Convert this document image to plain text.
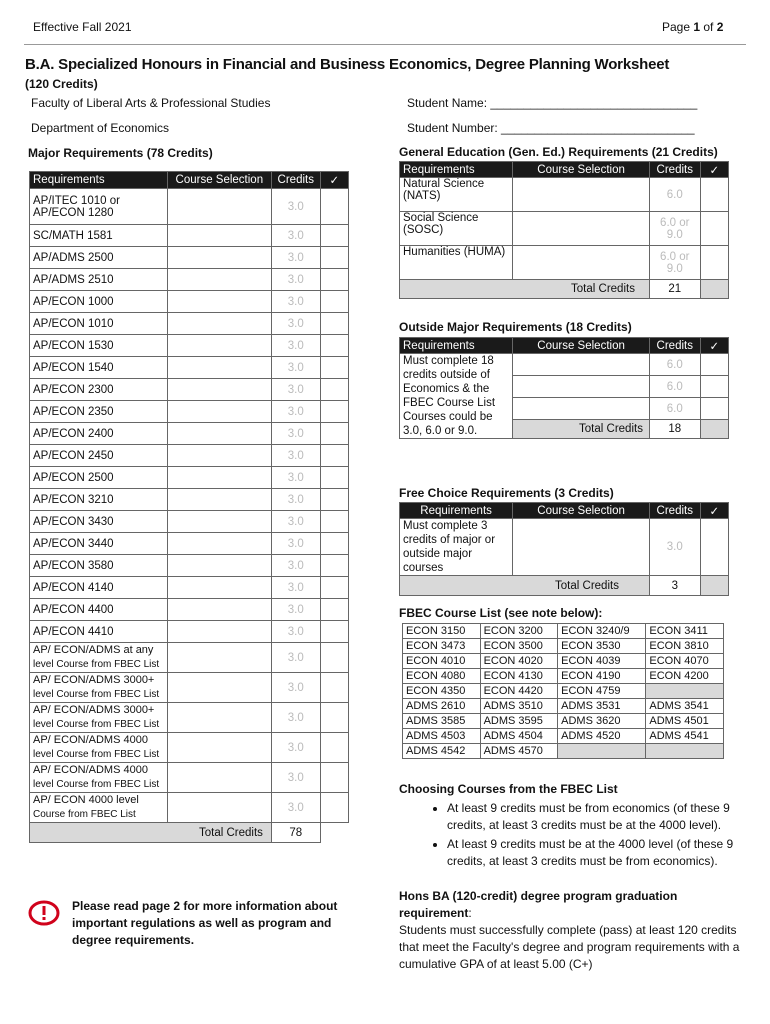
Effective Fall 2021	Page 1 of 2
B.A. Specialized Honours in Financial and Business Economics, Degree Planning Worksheet
(120 Credits)
Faculty of Liberal Arts & Professional Studies
Department of Economics
Student Name: _______________________________
Student Number: _____________________________
Major Requirements (78 Credits)
Requirements	Course Selection	Credits	✓
AP/ITEC 1010 or AP/ECON 1280		3.0	
SC/MATH 1581		3.0	
AP/ADMS 2500		3.0	
AP/ADMS 2510		3.0	
AP/ECON 1000		3.0	
AP/ECON 1010		3.0	
AP/ECON 1530		3.0	
AP/ECON 1540		3.0	
AP/ECON 2300		3.0	
AP/ECON 2350		3.0	
AP/ECON 2400		3.0	
AP/ECON 2450		3.0	
AP/ECON 2500		3.0	
AP/ECON 3210		3.0	
AP/ECON 3430		3.0	
AP/ECON 3440		3.0	
AP/ECON 3580		3.0	
AP/ECON 4140		3.0	
AP/ECON 4400		3.0	
AP/ECON 4410		3.0	
AP/ ECON/ADMS at any
level Course from FBEC List		3.0	
AP/ ECON/ADMS 3000+
level Course from FBEC List		3.0	
AP/ ECON/ADMS 3000+
level Course from FBEC List		3.0	
AP/ ECON/ADMS 4000
level Course from FBEC List		3.0	
AP/ ECON/ADMS 4000
level Course from FBEC List		3.0	
AP/ ECON 4000 level
Course from FBEC List		3.0	
Total Credits		78	
General Education (Gen. Ed.) Requirements (21 Credits)
Requirements	Course Selection	Credits	✓
Natural Science (NATS)		6.0	
Social Science (SOSC)		6.0 or 9.0	
Humanities (HUMA)		6.0 or 9.0	
Total Credits		21	
Outside Major Requirements (18 Credits)
Requirements	Course Selection	Credits	✓
Must complete 18 credits outside of Economics & the FBEC Course List Courses could be 3.0, 6.0 or 9.0.		6.0	
		6.0	
		6.0	
	Total Credits	18	
Free Choice Requirements (3 Credits)
Requirements	Course Selection	Credits	✓
Must complete 3 credits of major or outside major courses		3.0	
Total Credits		3	
FBEC Course List (see note below):
ECON 3150	ECON 3200	ECON 3240/9	ECON 3411
ECON 3473	ECON 3500	ECON 3530	ECON 3810
ECON 4010	ECON 4020	ECON 4039	ECON 4070
ECON 4080	ECON 4130	ECON 4190	ECON 4200
ECON 4350	ECON 4420	ECON 4759	
ADMS 2610	ADMS 3510	ADMS 3531	ADMS 3541
ADMS 3585	ADMS 3595	ADMS 3620	ADMS 4501
ADMS 4503	ADMS 4504	ADMS 4520	ADMS 4541
ADMS 4542	ADMS 4570		
Choosing Courses from the FBEC List
• At least 9 credits must be from economics (of these 9 credits, at least 3 credits must be at the 4000 level).
• At least 9 credits must be at the 4000 level (of these 9 credits, at least 3 credits must be from economics).
Hons BA (120-credit) degree program graduation requirement:
Students must successfully complete (pass) at least 120 credits that meet the Faculty's degree and program requirements with a cumulative GPA of at least 5.00 (C+)
Please read page 2 for more information about important regulations as well as program and degree requirements.
